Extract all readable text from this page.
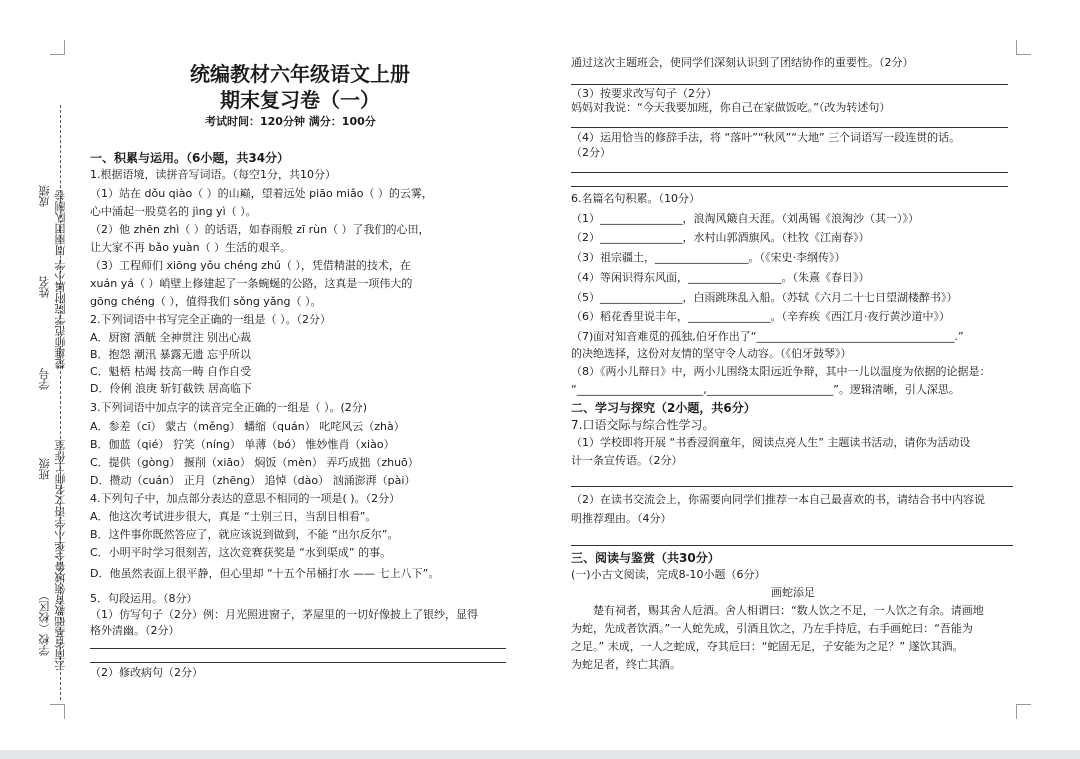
学校（校区）
班级
学号
姓名
成绩
云南省基础教育领域鲁全华小学语文名师工作室
楚雄师范学院附属小学 周丽团队制卷
统编教材六年级语文上册
期末复习卷（一）
考试时间：120分钟 满分：100分
一、积累与运用。（6小题，共34分）
1.根据语境，读拼音写词语。（每空1分，共10分）
（1）站在 dǒu qiào（ ）的山巅，望着远处 piāo miǎo（ ）的云雾，
心中涌起一股莫名的 jìng yì（ ）。
（2）他 zhēn zhì（ ）的话语，如春雨般 zī rùn（ ）了我们的心田，
让大家不再 bǎo yuàn（ ）生活的艰辛。
（3）工程师们 xiōng yǒu chéng zhú（ ），凭借精湛的技术，在
xuán yá（ ）峭壁上修建起了一条蜿蜒的公路，这真是一项伟大的
gōng chéng（ ），值得我们 sǒng yǎng（ ）。
2.下列词语中书写完全正确的一组是（ ）。（2分）
A．厨窗 酒觥 全神贯注 别出心裁
B．抱怨 潮汛 暴露无遗 忘乎所以
C．魁梧 枯竭 技高一畴 自作自受
D．伶俐 浪庚 斩钉截铁 居高临下
3.下列词语中加点字的读音完全正确的一组是（ ）。(2分)
A．参差（cī） 蒙古（měng） 蟠缩（quán） 叱咤风云（zhà）
B．伽蓝（qié） 狞笑（níng） 单薄（bó） 惟妙惟肖（xiào）
C．提供（gòng） 揠削（xiāo） 焖饭（mèn） 弄巧成拙（zhuō）
D．攒动（cuán） 正月（zhēng） 追悼（dào） 汹涌澎湃（pài）
4.下列句子中，加点部分表达的意思不相同的一项是( )。（2分）
A．他这次考试进步很大，真是 “士别三日，当刮目相看”。
B．这件事你既然答应了，就应该说到做到，不能 “出尔反尔”。
C．小明平时学习很刻苦，这次竞赛获奖是 “水到渠成” 的事。
D．他虽然表面上很平静，但心里却 “十五个吊桶打水 —— 七上八下”。
5．句段运用。（8分）
（1）仿写句子（2分）例：月光照进窗子，茅屋里的一切好像披上了银纱，显得
格外清幽。（2分）
（2）修改病句（2分）
通过这次主题班会，使同学们深刻认识到了团结协作的重要性。（2分）
（3）按要求改写句子（2分）
妈妈对我说：“今天我要加班，你自己在家做饭吃。”（改为转述句）
（4）运用恰当的修辞手法，将 “落叶”“秋风”“大地” 三个词语写一段连贯的话。
（2分）
6.名篇名句积累。（10分）
（1）_______________，浪淘风簸自天涯。（刘禹锡《浪淘沙（其一）》）
（2）_______________，水村山郭酒旗风。（杜牧《江南春》）
（3）祖宗疆土，_________________。（《宋史·李纲传》）
（4）等闲识得东风面，_________________。（朱熹《春日》）
（5）_______________，白雨跳珠乱入船。（苏轼《六月二十七日望湖楼醉书》）
（6）稻花香里说丰年，_______________。（辛弃疾《西江月·夜行黄沙道中》）
（7)面对知音难觅的孤独,伯牙作出了“____________________________________.”
的决绝选择，这份对友情的坚守令人动容。（《伯牙鼓琴》）
（8）《两小儿辩日》中，两小儿围绕太阳远近争辩，其中一儿以温度为依据的论据是：
“_______________________,_______________________”。逻辑清晰，引人深思。
二、学习与探究（2小题，共6分）
7.口语交际与综合性学习。
（1）学校即将开展 “书香浸润童年，阅读点亮人生” 主题读书活动，请你为活动设
计一条宣传语。（2分）
（2）在读书交流会上，你需要向同学们推荐一本自己最喜欢的书，请结合书中内容说
明推荐理由。（4分）
三、阅读与鉴赏（共30分）
(一)小古文阅读，完成8-10小题（6分）
画蛇添足
楚有祠者，赐其舍人卮酒。舍人相谓曰：“数人饮之不足，一人饮之有余。请画地
为蛇，先成者饮酒。”一人蛇先成，引酒且饮之，乃左手持卮，右手画蛇曰：“吾能为
之足。” 未成，一人之蛇成，夺其卮曰：“蛇固无足，子安能为之足？” 遂饮其酒。
为蛇足者，终亡其酒。
